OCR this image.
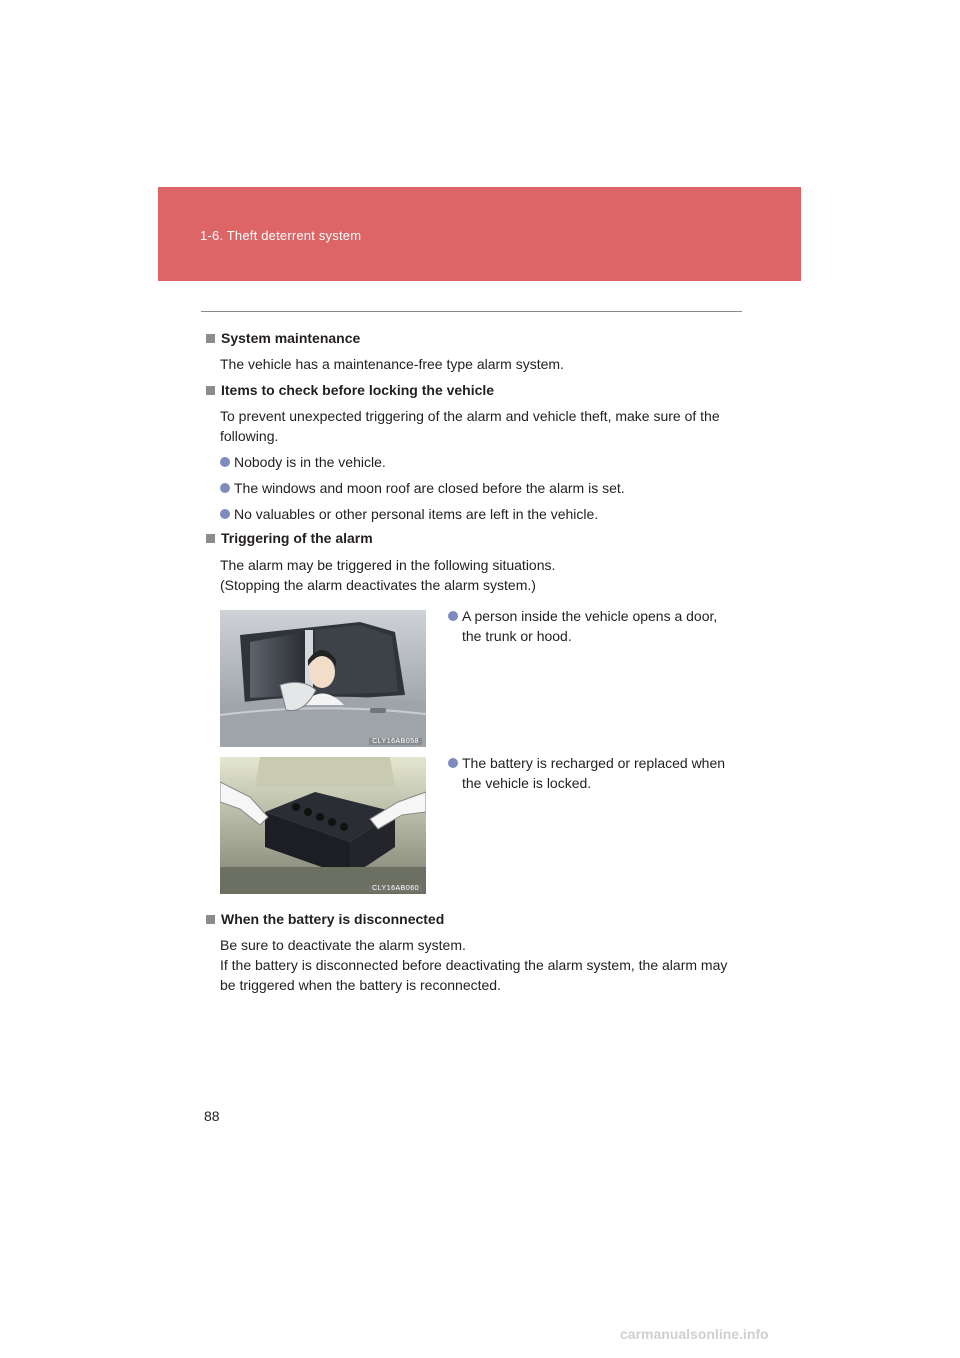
1-6. Theft deterrent system
System maintenance
The vehicle has a maintenance-free type alarm system.
Items to check before locking the vehicle
To prevent unexpected triggering of the alarm and vehicle theft, make sure of the
following.
Nobody is in the vehicle.
The windows and moon roof are closed before the alarm is set.
No valuables or other personal items are left in the vehicle.
Triggering of the alarm
The alarm may be triggered in the following situations.
(Stopping the alarm deactivates the alarm system.)
CLY16AB058
A person inside the vehicle opens a door,
the trunk or hood.
CLY16AB060
The battery is recharged or replaced when
the vehicle is locked.
When the battery is disconnected
Be sure to deactivate the alarm system.
If the battery is disconnected before deactivating the alarm system, the alarm may
be triggered when the battery is reconnected.
88
carmanualsonline.info
